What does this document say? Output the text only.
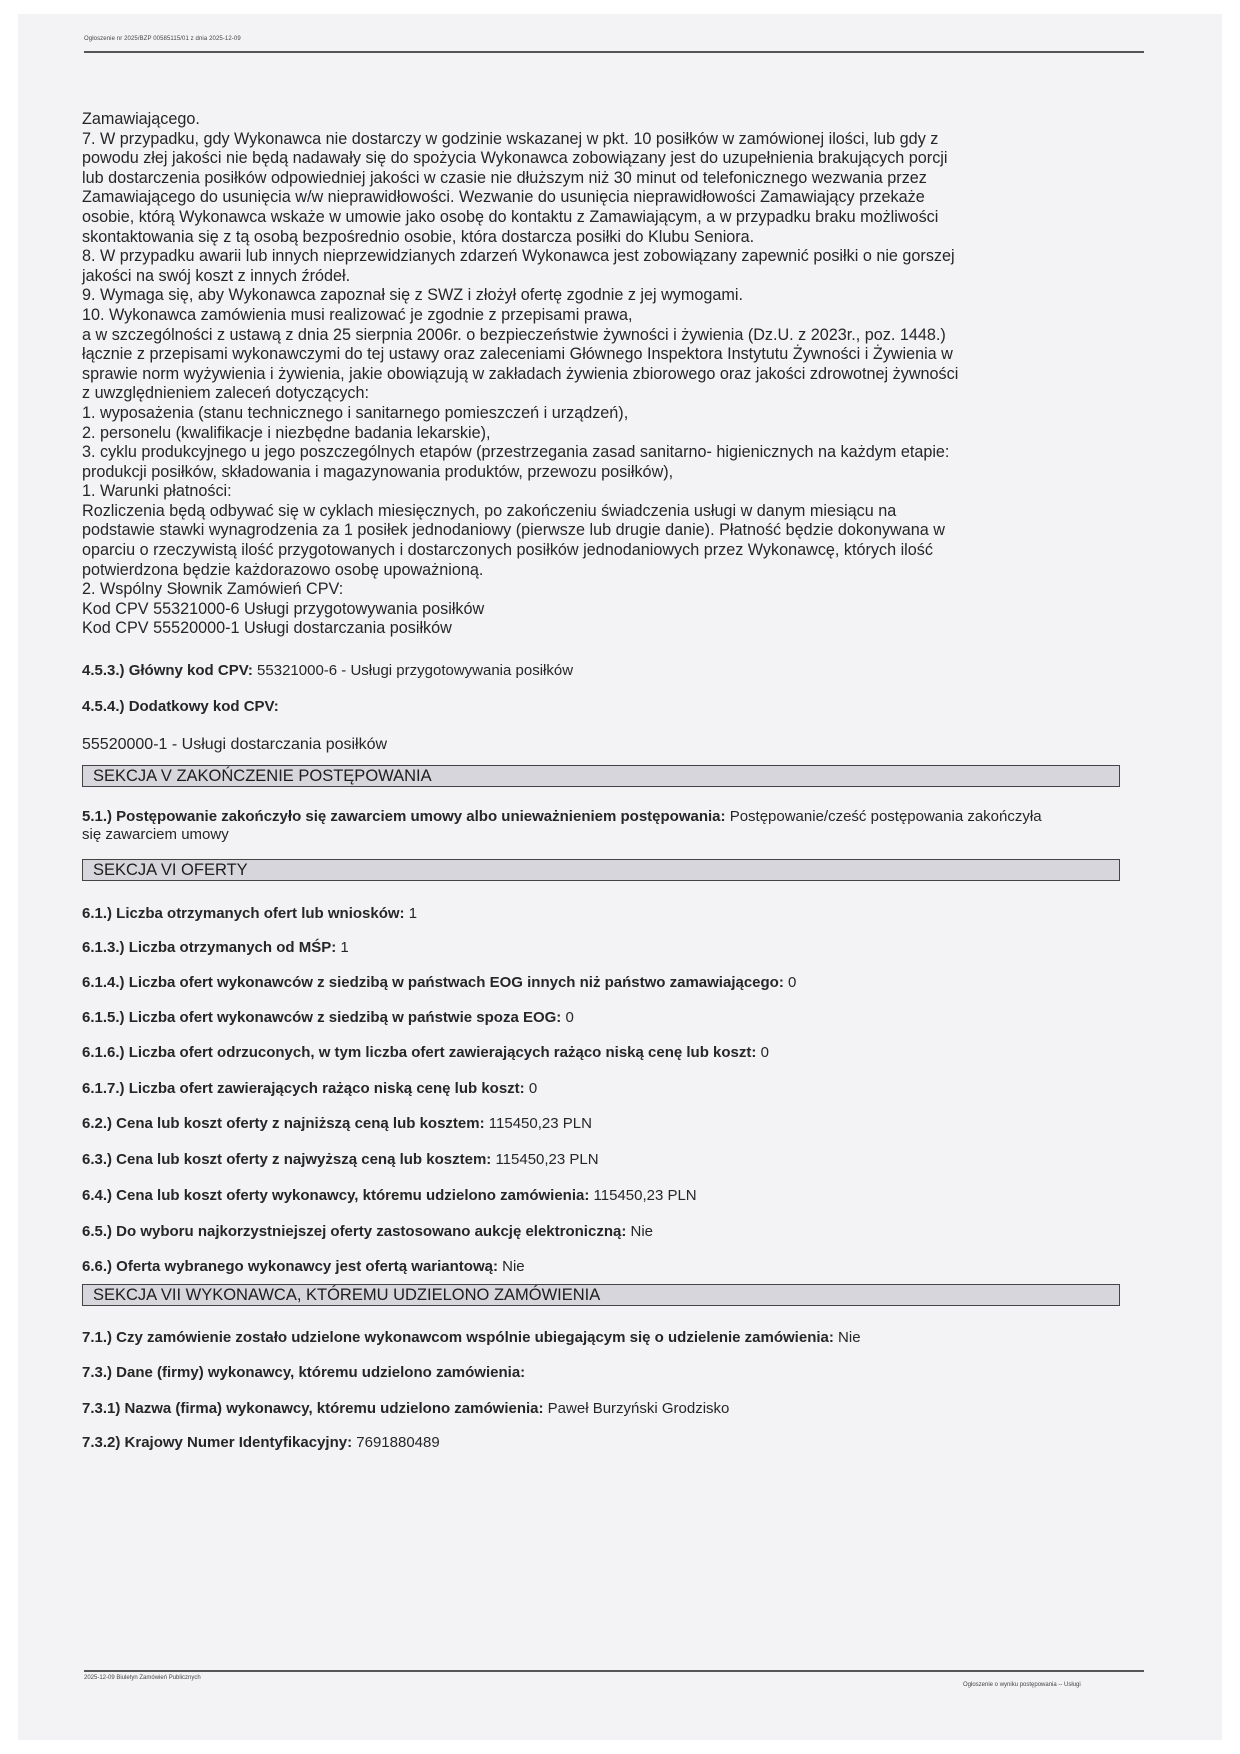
Ogłoszenie nr 2025/BZP 00585115/01 z dnia 2025-12-09

Zamawiającego.

7. W przypadku, gdy Wykonawca nie dostarczy w godzinie wskazanej w pkt. 10 posiłków w zamówionej ilości, lub gdy z

powodu złej jakości nie będą nadawały się do spożycia Wykonawca zobowiązany jest do uzupełnienia brakujących porcji

lub dostarczenia posiłków odpowiedniej jakości w czasie nie dłuższym niż 30 minut od telefonicznego wezwania przez

Zamawiającego do usunięcia w/w nieprawidłowości. Wezwanie do usunięcia nieprawidłowości Zamawiający przekaże

osobie, którą Wykonawca wskaże w umowie jako osobę do kontaktu z Zamawiającym, a w przypadku braku możliwości

skontaktowania się z tą osobą bezpośrednio osobie, która dostarcza posiłki do Klubu Seniora.

8. W przypadku awarii lub innych nieprzewidzianych zdarzeń Wykonawca jest zobowiązany zapewnić posiłki o nie gorszej

jakości na swój koszt z innych źródeł.

9. Wymaga się, aby Wykonawca zapoznał się z SWZ i złożył ofertę zgodnie z jej wymogami.

10. Wykonawca zamówienia musi realizować je zgodnie z przepisami prawa,

a w szczególności z ustawą z dnia 25 sierpnia 2006r. o bezpieczeństwie żywności i żywienia (Dz.U. z 2023r., poz. 1448.)

łącznie z przepisami wykonawczymi do tej ustawy oraz zaleceniami Głównego Inspektora Instytutu Żywności i Żywienia w

sprawie norm wyżywienia i żywienia, jakie obowiązują w zakładach żywienia zbiorowego oraz jakości zdrowotnej żywności

z uwzględnieniem zaleceń dotyczących:

1. wyposażenia (stanu technicznego i sanitarnego pomieszczeń i urządzeń),

2. personelu (kwalifikacje i niezbędne badania lekarskie),

3. cyklu produkcyjnego u jego poszczególnych etapów (przestrzegania zasad sanitarno- higienicznych na każdym etapie:

produkcji posiłków, składowania i magazynowania produktów, przewozu posiłków),

1. Warunki płatności:

Rozliczenia będą odbywać się w cyklach miesięcznych, po zakończeniu świadczenia usługi w danym miesiącu na

podstawie stawki wynagrodzenia za 1 posiłek jednodaniowy (pierwsze lub drugie danie). Płatność będzie dokonywana w

oparciu o rzeczywistą ilość przygotowanych i dostarczonych posiłków jednodaniowych przez Wykonawcę, których ilość

potwierdzona będzie każdorazowo osobę upoważnioną.

2. Wspólny Słownik Zamówień CPV:

Kod CPV 55321000-6 Usługi przygotowywania posiłków

Kod CPV 55520000-1 Usługi dostarczania posiłków

4.5.3.) Główny kod CPV: 55321000-6 - Usługi przygotowywania posiłków
4.5.4.) Dodatkowy kod CPV:
55520000-1 - Usługi dostarczania posiłków
SEKCJA V ZAKOŃCZENIE POSTĘPOWANIA
5.1.) Postępowanie zakończyło się zawarciem umowy albo unieważnieniem postępowania: Postępowanie/cześć postępowania zakończyła się zawarciem umowy
SEKCJA VI OFERTY
6.1.) Liczba otrzymanych ofert lub wniosków: 1
6.1.3.) Liczba otrzymanych od MŚP: 1
6.1.4.) Liczba ofert wykonawców z siedzibą w państwach EOG innych niż państwo zamawiającego: 0
6.1.5.) Liczba ofert wykonawców z siedzibą w państwie spoza EOG: 0
6.1.6.) Liczba ofert odrzuconych, w tym liczba ofert zawierających rażąco niską cenę lub koszt: 0
6.1.7.) Liczba ofert zawierających rażąco niską cenę lub koszt: 0
6.2.) Cena lub koszt oferty z najniższą ceną lub kosztem: 115450,23 PLN
6.3.) Cena lub koszt oferty z najwyższą ceną lub kosztem: 115450,23 PLN
6.4.) Cena lub koszt oferty wykonawcy, któremu udzielono zamówienia: 115450,23 PLN
6.5.) Do wyboru najkorzystniejszej oferty zastosowano aukcję elektroniczną: Nie
6.6.) Oferta wybranego wykonawcy jest ofertą wariantową: Nie
SEKCJA VII WYKONAWCA, KTÓREMU UDZIELONO ZAMÓWIENIA
7.1.) Czy zamówienie zostało udzielone wykonawcom wspólnie ubiegającym się o udzielenie zamówienia: Nie
7.3.) Dane (firmy) wykonawcy, któremu udzielono zamówienia:
7.3.1) Nazwa (firma) wykonawcy, któremu udzielono zamówienia: Paweł Burzyński Grodzisko
7.3.2) Krajowy Numer Identyfikacyjny: 7691880489
2025-12-09 Biuletyn Zamówień Publicznych
Ogłoszenie o wyniku postępowania -- Usługi
